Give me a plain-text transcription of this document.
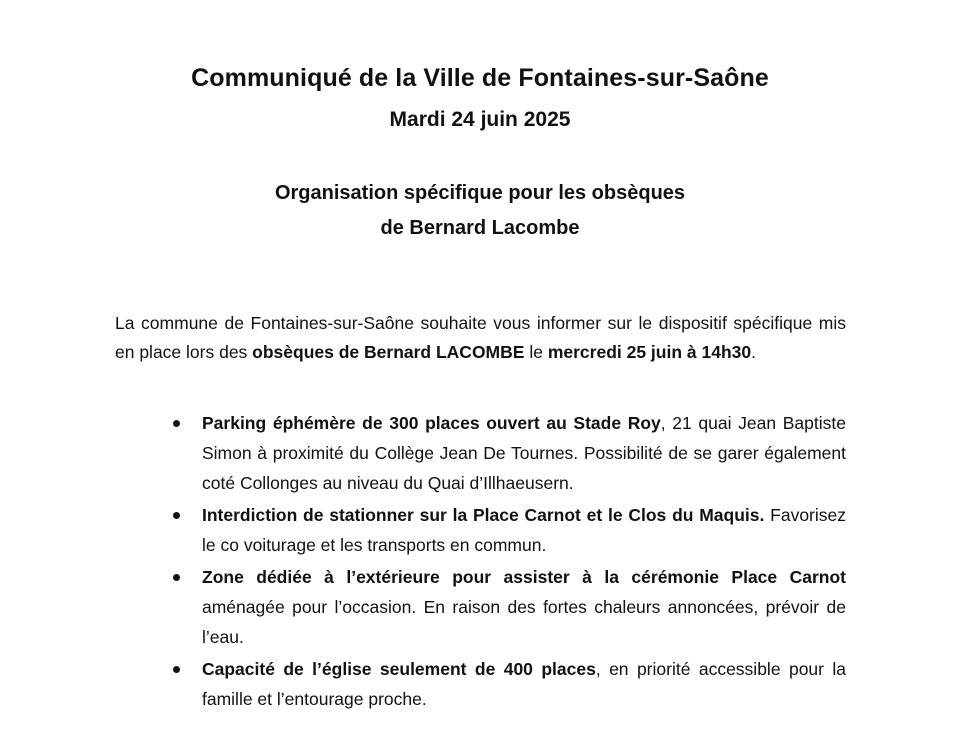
Communiqué de la Ville de Fontaines-sur-Saône
Mardi 24 juin 2025
Organisation spécifique pour les obsèques
de Bernard Lacombe

La commune de Fontaines-sur-Saône souhaite vous informer sur le dispositif spécifique mis en place lors des obsèques de Bernard LACOMBE le mercredi 25 juin à 14h30.

Parking éphémère de 300 places ouvert au Stade Roy, 21 quai Jean Baptiste Simon à proximité du Collège Jean De Tournes. Possibilité de se garer également coté Collonges au niveau du Quai d’Illhaeusern.
Interdiction de stationner sur la Place Carnot et le Clos du Maquis. Favorisez le co voiturage et les transports en commun.
Zone dédiée à l’extérieure pour assister à la cérémonie Place Carnot aménagée pour l’occasion. En raison des fortes chaleurs annoncées, prévoir de l’eau.
Capacité de l’église seulement de 400 places, en priorité accessible pour la famille et l’entourage proche.
